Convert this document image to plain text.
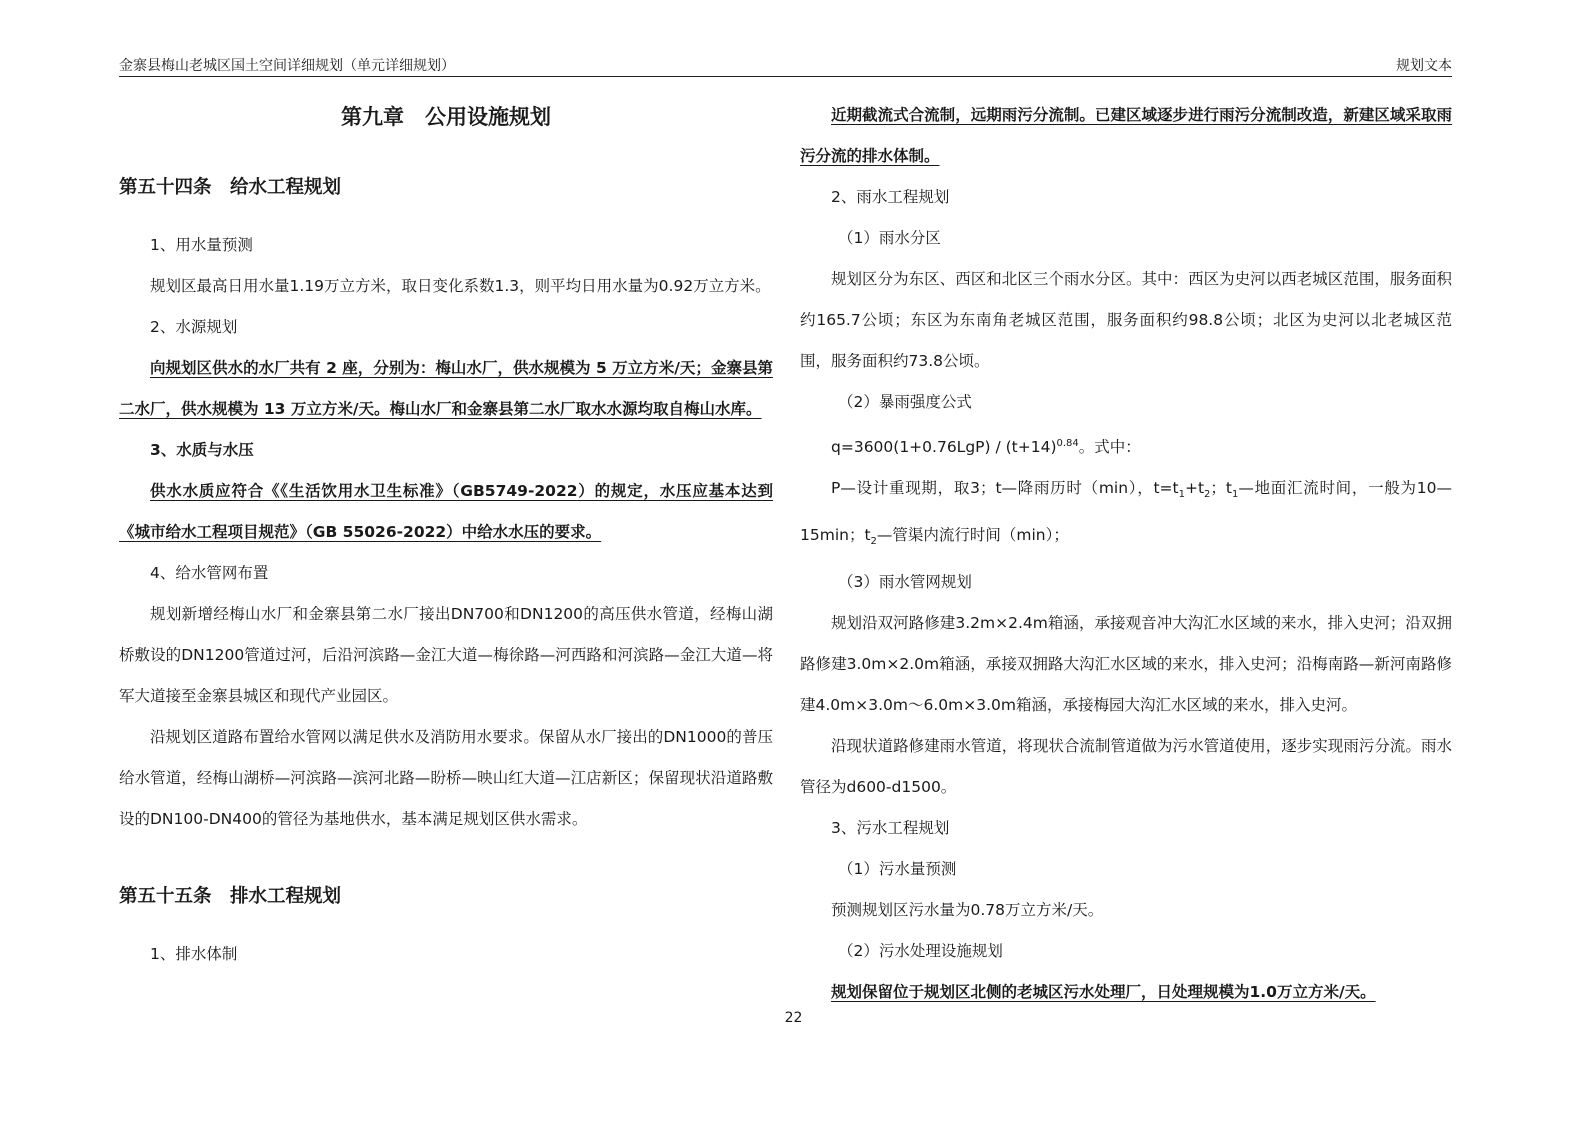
金寨县梅山老城区国土空间详细规划（单元详细规划）	规划文本
第九章　公用设施规划
第五十四条　给水工程规划

1、用水量预测

规划区最高日用水量1.19万立方米，取日变化系数1.3，则平均日用水量为0.92万立方米。

2、水源规划

向规划区供水的水厂共有 2 座，分别为：梅山水厂，供水规模为 5 万立方米/天；金寨县第二水厂，供水规模为 13 万立方米/天。梅山水厂和金寨县第二水厂取水水源均取自梅山水库。

3、水质与水压

供水水质应符合《《生活饮用水卫生标准》（GB5749-2022）的规定，水压应基本达到《城市给水工程项目规范》（GB 55026-2022）中给水水压的要求。

4、给水管网布置

规划新增经梅山水厂和金寨县第二水厂接出DN700和DN1200的高压供水管道，经梅山湖桥敷设的DN1200管道过河，后沿河滨路—金江大道—梅徐路—河西路和河滨路—金江大道—将军大道接至金寨县城区和现代产业园区。

沿规划区道路布置给水管网以满足供水及消防用水要求。保留从水厂接出的DN1000的普压给水管道，经梅山湖桥—河滨路—滨河北路—盼桥—映山红大道—江店新区；保留现状沿道路敷设的DN100-DN400的管径为基地供水，基本满足规划区供水需求。

第五十五条　排水工程规划

1、排水体制

近期截流式合流制，远期雨污分流制。已建区域逐步进行雨污分流制改造，新建区域采取雨污分流的排水体制。

2、雨水工程规划

（1）雨水分区

规划区分为东区、西区和北区三个雨水分区。其中：西区为史河以西老城区范围，服务面积约165.7公顷；东区为东南角老城区范围，服务面积约98.8公顷；北区为史河以北老城区范围，服务面积约73.8公顷。

（2）暴雨强度公式

$q=3600(1+0.76LgP) / (t+14)^{0.84}$。式中：

P—设计重现期，取3；t—降雨历时（min），$t=t_1+t_2$；$t_1—$地面汇流时间，一般为10—15min；$t_2—$管渠内流行时间（min）；

（3）雨水管网规划

规划沿双河路修建3.2m×2.4m箱涵，承接观音冲大沟汇水区域的来水，排入史河；沿双拥路修建3.0m×2.0m箱涵，承接双拥路大沟汇水区域的来水，排入史河；沿梅南路—新河南路修建4.0m×3.0m～6.0m×3.0m箱涵，承接梅园大沟汇水区域的来水，排入史河。

沿现状道路修建雨水管道，将现状合流制管道做为污水管道使用，逐步实现雨污分流。雨水管径为d600-d1500。

3、污水工程规划

（1）污水量预测

预测规划区污水量为0.78万立方米/天。

（2）污水处理设施规划

规划保留位于规划区北侧的老城区污水处理厂，日处理规模为1.0万立方米/天。

22
